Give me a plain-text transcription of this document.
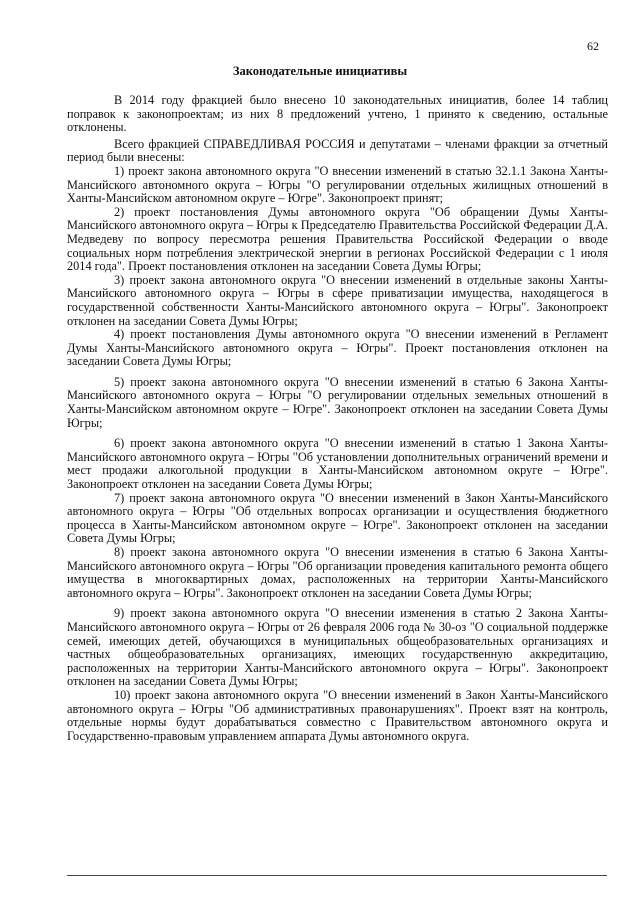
62
Законодательные инициативы

В 2014 году фракцией было внесено 10 законодательных инициатив, более 14 таблиц поправок к законопроектам; из них 8 предложений учтено, 1 принято к сведению, остальные отклонены.

Всего фракцией СПРАВЕДЛИВАЯ РОССИЯ и депутатами – членами фракции за отчетный период были внесены:

1) проект закона автономного округа "О внесении изменений в статью 32.1.1 Закона Ханты-Мансийского автономного округа – Югры "О регулировании отдельных жилищных отношений в Ханты-Мансийском автономном округе – Югре". Законопроект принят;

2) проект постановления Думы автономного округа "Об обращении Думы Ханты-Мансийского автономного округа – Югры к Председателю Правительства Российской Федерации Д.А. Медведеву по вопросу пересмотра решения Правительства Российской Федерации о вводе социальных норм потребления электрической энергии в регионах Российской Федерации с 1 июля 2014 года". Проект постановления отклонен на заседании Совета Думы Югры;

3) проект закона автономного округа "О внесении изменений в отдельные законы Ханты-Мансийского автономного округа – Югры в сфере приватизации имущества, находящегося в государственной собственности Ханты-Мансийского автономного округа – Югры". Законопроект отклонен на заседании Совета Думы Югры;

4) проект постановления Думы автономного округа "О внесении изменений в Регламент Думы Ханты-Мансийского автономного округа – Югры". Проект постановления отклонен на заседании Совета Думы Югры;

5) проект закона автономного округа "О внесении изменений в статью 6 Закона Ханты-Мансийского автономного округа – Югры "О регулировании отдельных земельных отношений в Ханты-Мансийском автономном округе – Югре". Законопроект отклонен на заседании Совета Думы Югры;

6) проект закона автономного округа "О внесении изменений в статью 1 Закона Ханты-Мансийского автономного округа – Югры "Об установлении дополнительных ограничений времени и мест продажи алкогольной продукции в Ханты-Мансийском автономном округе – Югре". Законопроект отклонен на заседании Совета Думы Югры;

7) проект закона автономного округа "О внесении изменений в Закон Ханты-Мансийского автономного округа – Югры "Об отдельных вопросах организации и осуществления бюджетного процесса в Ханты-Мансийском автономном округе – Югре". Законопроект отклонен на заседании Совета Думы Югры;

8) проект закона автономного округа "О внесении изменения в статью 6 Закона Ханты-Мансийского автономного округа – Югры "Об организации проведения капитального ремонта общего имущества в многоквартирных домах, расположенных на территории Ханты-Мансийского автономного округа – Югры". Законопроект отклонен на заседании Совета Думы Югры;

9) проект закона автономного округа "О внесении изменения в статью 2 Закона Ханты-Мансийского автономного округа – Югры от 26 февраля 2006 года № 30-оз "О социальной поддержке семей, имеющих детей, обучающихся в муниципальных общеобразовательных организациях и частных общеобразовательных организациях, имеющих государственную аккредитацию, расположенных на территории Ханты-Мансийского автономного округа – Югры". Законопроект отклонен на заседании Совета Думы Югры;

10) проект закона автономного округа "О внесении изменений в Закон Ханты-Мансийского автономного округа – Югры "Об административных правонарушениях". Проект взят на контроль, отдельные нормы будут дорабатываться совместно с Правительством автономного округа и Государственно-правовым управлением аппарата Думы автономного округа.
